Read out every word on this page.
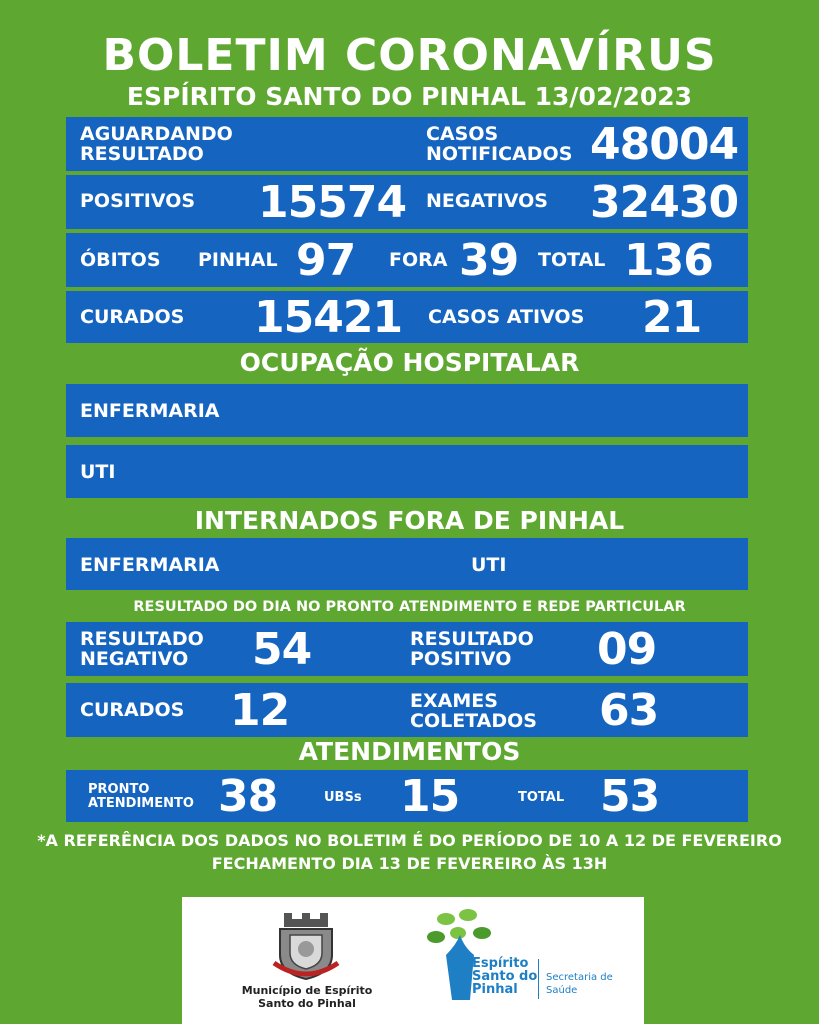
BOLETIM CORONAVÍRUS
ESPÍRITO SANTO DO PINHAL 13/02/2023
AGUARDANDO RESULTADO
CASOS NOTIFICADOS 48004
POSITIVOS 15574 NEGATIVOS 32430
ÓBITOS PINHAL 97 FORA 39 TOTAL 136
CURADOS 15421 CASOS ATIVOS 21
OCUPAÇÃO HOSPITALAR
ENFERMARIA
UTI
INTERNADOS FORA DE PINHAL
ENFERMARIA	UTI
RESULTADO DO DIA NO PRONTO ATENDIMENTO E REDE PARTICULAR
RESULTADO NEGATIVO	54	RESULTADO POSITIVO	09
CURADOS 12	EXAMES COLETADOS	63
ATENDIMENTOS
PRONTO ATENDIMENTO 38	UBSs 15	TOTAL 53
*A REFERÊNCIA DOS DADOS NO BOLETIM É DO PERÍODO DE 10 A 12 DE FEVEREIRO
FECHAMENTO DIA 13 DE FEVEREIRO ÀS 13H
Município de Espírito Santo do Pinhal
Espírito Santo do Pinhal
Secretaria de Saúde
